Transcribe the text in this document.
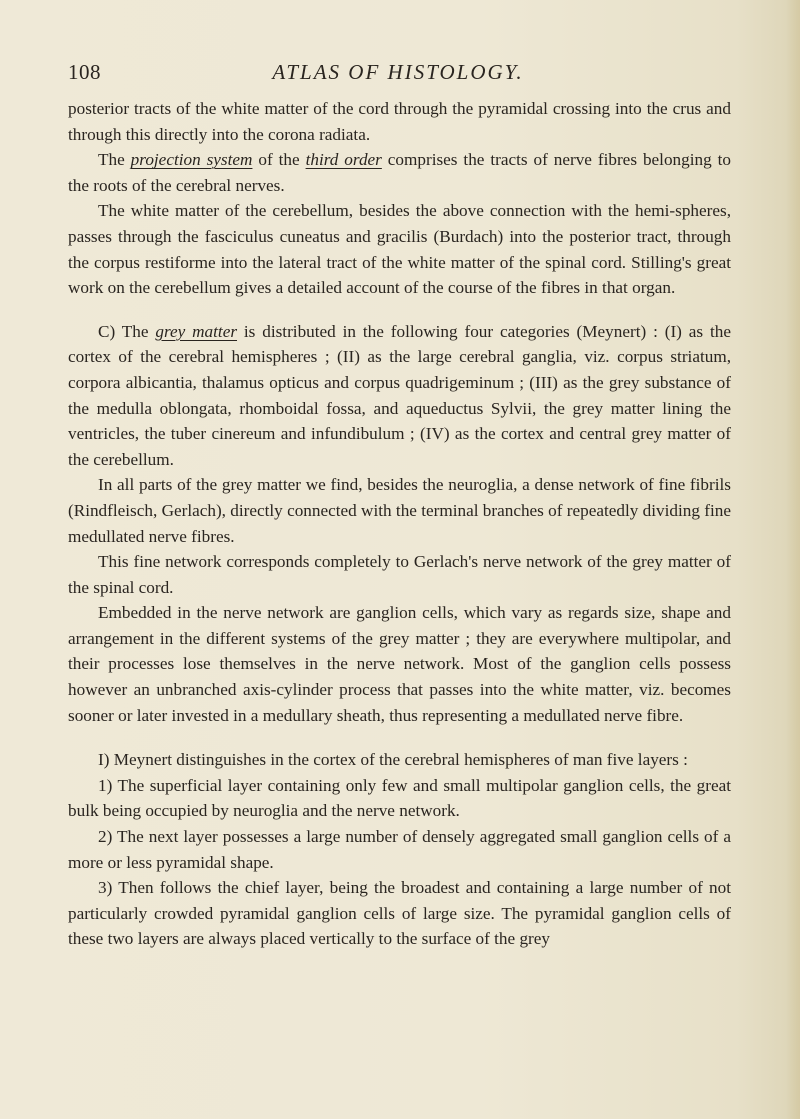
108	ATLAS OF HISTOLOGY.

posterior tracts of the white matter of the cord through the pyramidal crossing into the crus and through this directly into the corona radiata.

The projection system of the third order comprises the tracts of nerve fibres belonging to the roots of the cerebral nerves.

The white matter of the cerebellum, besides the above connection with the hemi-spheres, passes through the fasciculus cuneatus and gracilis (Burdach) into the posterior tract, through the corpus restiforme into the lateral tract of the white matter of the spinal cord. Stilling's great work on the cerebellum gives a detailed account of the course of the fibres in that organ.

C) The grey matter is distributed in the following four categories (Meynert) : (I) as the cortex of the cerebral hemispheres ; (II) as the large cerebral ganglia, viz. corpus striatum, corpora albicantia, thalamus opticus and corpus quadrigeminum ; (III) as the grey substance of the medulla oblongata, rhomboidal fossa, and aqueductus Sylvii, the grey matter lining the ventricles, the tuber cinereum and infundibulum ; (IV) as the cortex and central grey matter of the cerebellum.

In all parts of the grey matter we find, besides the neuroglia, a dense network of fine fibrils (Rindfleisch, Gerlach), directly connected with the terminal branches of repeatedly dividing fine medullated nerve fibres.

This fine network corresponds completely to Gerlach's nerve network of the grey matter of the spinal cord.

Embedded in the nerve network are ganglion cells, which vary as regards size, shape and arrangement in the different systems of the grey matter ; they are everywhere multipolar, and their processes lose themselves in the nerve network. Most of the ganglion cells possess however an unbranched axis-cylinder process that passes into the white matter, viz. becomes sooner or later invested in a medullary sheath, thus representing a medullated nerve fibre.

I) Meynert distinguishes in the cortex of the cerebral hemispheres of man five layers :

1) The superficial layer containing only few and small multipolar ganglion cells, the great bulk being occupied by neuroglia and the nerve network.

2) The next layer possesses a large number of densely aggregated small ganglion cells of a more or less pyramidal shape.

3) Then follows the chief layer, being the broadest and containing a large number of not particularly crowded pyramidal ganglion cells of large size. The pyramidal ganglion cells of these two layers are always placed vertically to the surface of the grey
